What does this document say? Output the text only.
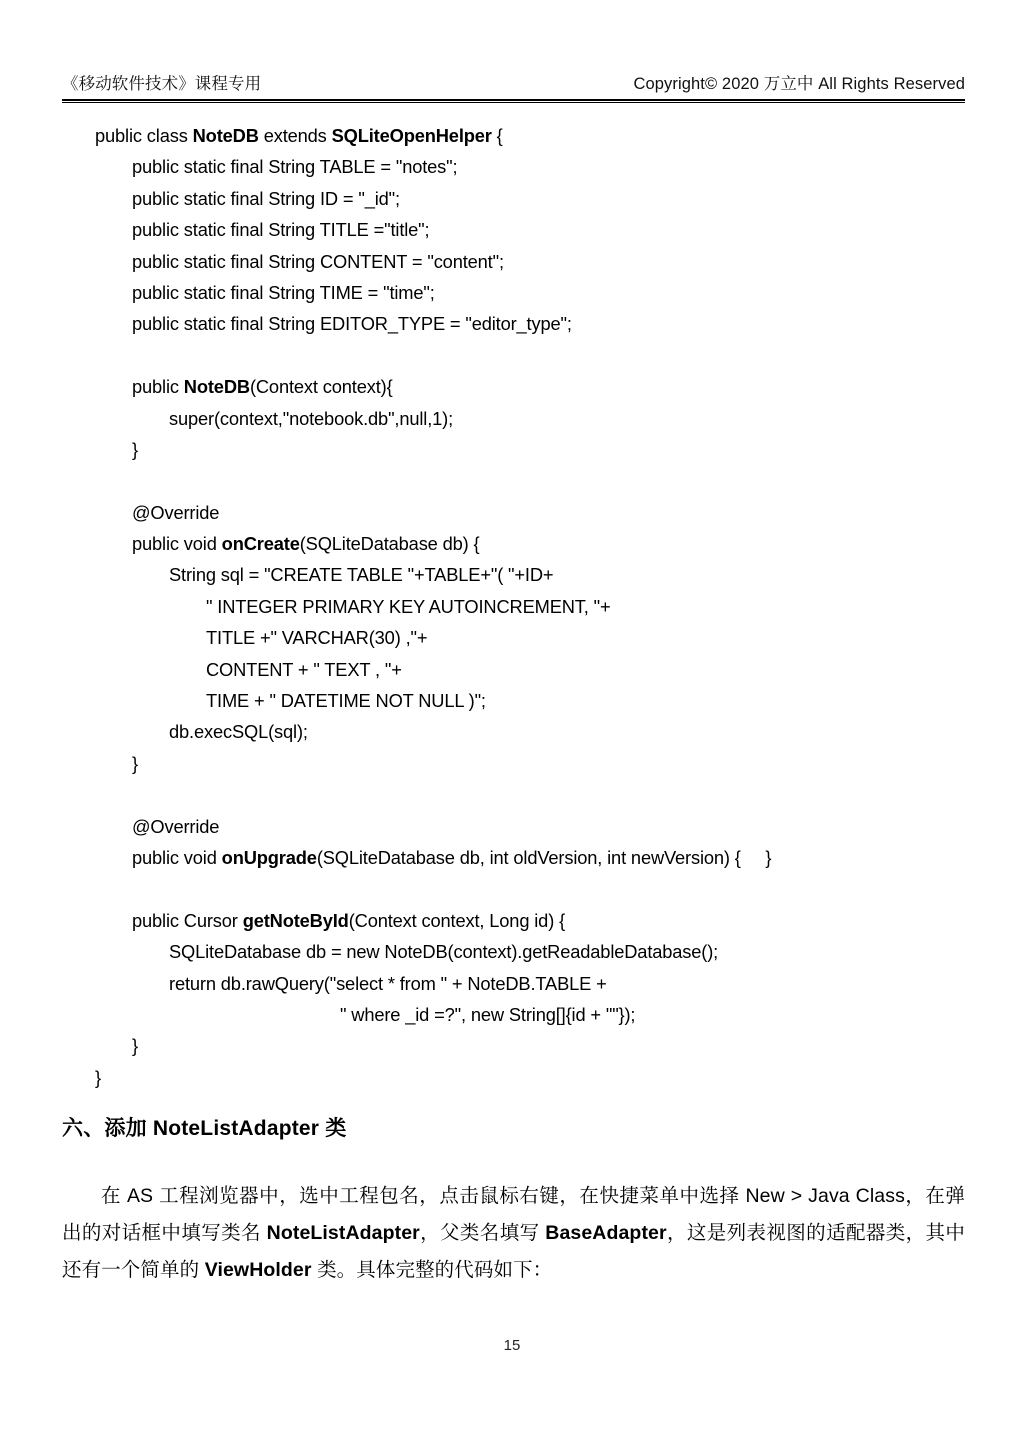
《移动软件技术》课程专用	Copyright© 2020 万立中 All Rights Reserved
public class NoteDB extends SQLiteOpenHelper {
public static final String TABLE = "notes";
public static final String ID = "_id";
public static final String TITLE ="title";
public static final String CONTENT = "content";
public static final String TIME = "time";
public static final String EDITOR_TYPE = "editor_type";

public NoteDB(Context context){
super(context,"notebook.db",null,1);
}

@Override
public void onCreate(SQLiteDatabase db) {
String sql = "CREATE TABLE "+TABLE+"( "+ID+
" INTEGER PRIMARY KEY AUTOINCREMENT, "+
TITLE +" VARCHAR(30) ,"+
CONTENT + " TEXT , "+
TIME + " DATETIME NOT NULL )";
db.execSQL(sql);
}

@Override
public void onUpgrade(SQLiteDatabase db, int oldVersion, int newVersion) {     }

public Cursor getNoteById(Context context, Long id) {
SQLiteDatabase db = new NoteDB(context).getReadableDatabase();
return db.rawQuery("select * from " + NoteDB.TABLE +
" where _id =?", new String[]{id + ""});
}
}
六、添加 NoteListAdapter 类
在 AS 工程浏览器中，选中工程包名，点击鼠标右键，在快捷菜单中选择 New > Java Class，在弹出的对话框中填写类名 NoteListAdapter，父类名填写 BaseAdapter，这是列表视图的适配器类，其中还有一个简单的 ViewHolder 类。具体完整的代码如下：
15
